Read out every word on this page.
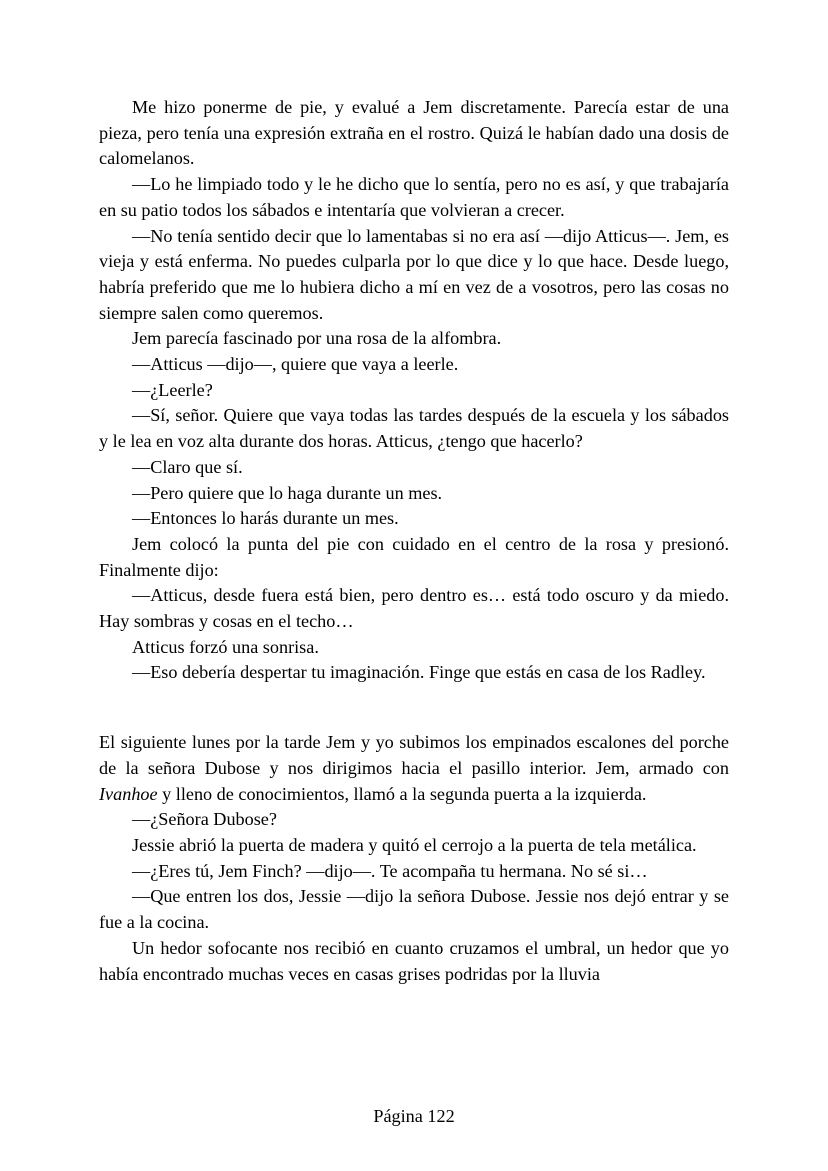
Me hizo ponerme de pie, y evalué a Jem discretamente. Parecía estar de una pieza, pero tenía una expresión extraña en el rostro. Quizá le habían dado una dosis de calomelanos.

—Lo he limpiado todo y le he dicho que lo sentía, pero no es así, y que trabajaría en su patio todos los sábados e intentaría que volvieran a crecer.

—No tenía sentido decir que lo lamentabas si no era así —dijo Atticus—. Jem, es vieja y está enferma. No puedes culparla por lo que dice y lo que hace. Desde luego, habría preferido que me lo hubiera dicho a mí en vez de a vosotros, pero las cosas no siempre salen como queremos.

Jem parecía fascinado por una rosa de la alfombra.

—Atticus —dijo—, quiere que vaya a leerle.

—¿Leerle?

—Sí, señor. Quiere que vaya todas las tardes después de la escuela y los sábados y le lea en voz alta durante dos horas. Atticus, ¿tengo que hacerlo?

—Claro que sí.

—Pero quiere que lo haga durante un mes.

—Entonces lo harás durante un mes.

Jem colocó la punta del pie con cuidado en el centro de la rosa y presionó. Finalmente dijo:

—Atticus, desde fuera está bien, pero dentro es… está todo oscuro y da miedo. Hay sombras y cosas en el techo…

Atticus forzó una sonrisa.

—Eso debería despertar tu imaginación. Finge que estás en casa de los Radley.

El siguiente lunes por la tarde Jem y yo subimos los empinados escalones del porche de la señora Dubose y nos dirigimos hacia el pasillo interior. Jem, armado con Ivanhoe y lleno de conocimientos, llamó a la segunda puerta a la izquierda.

—¿Señora Dubose?

Jessie abrió la puerta de madera y quitó el cerrojo a la puerta de tela metálica.

—¿Eres tú, Jem Finch? —dijo—. Te acompaña tu hermana. No sé si…

—Que entren los dos, Jessie —dijo la señora Dubose. Jessie nos dejó entrar y se fue a la cocina.

Un hedor sofocante nos recibió en cuanto cruzamos el umbral, un hedor que yo había encontrado muchas veces en casas grises podridas por la lluvia

Página 122
